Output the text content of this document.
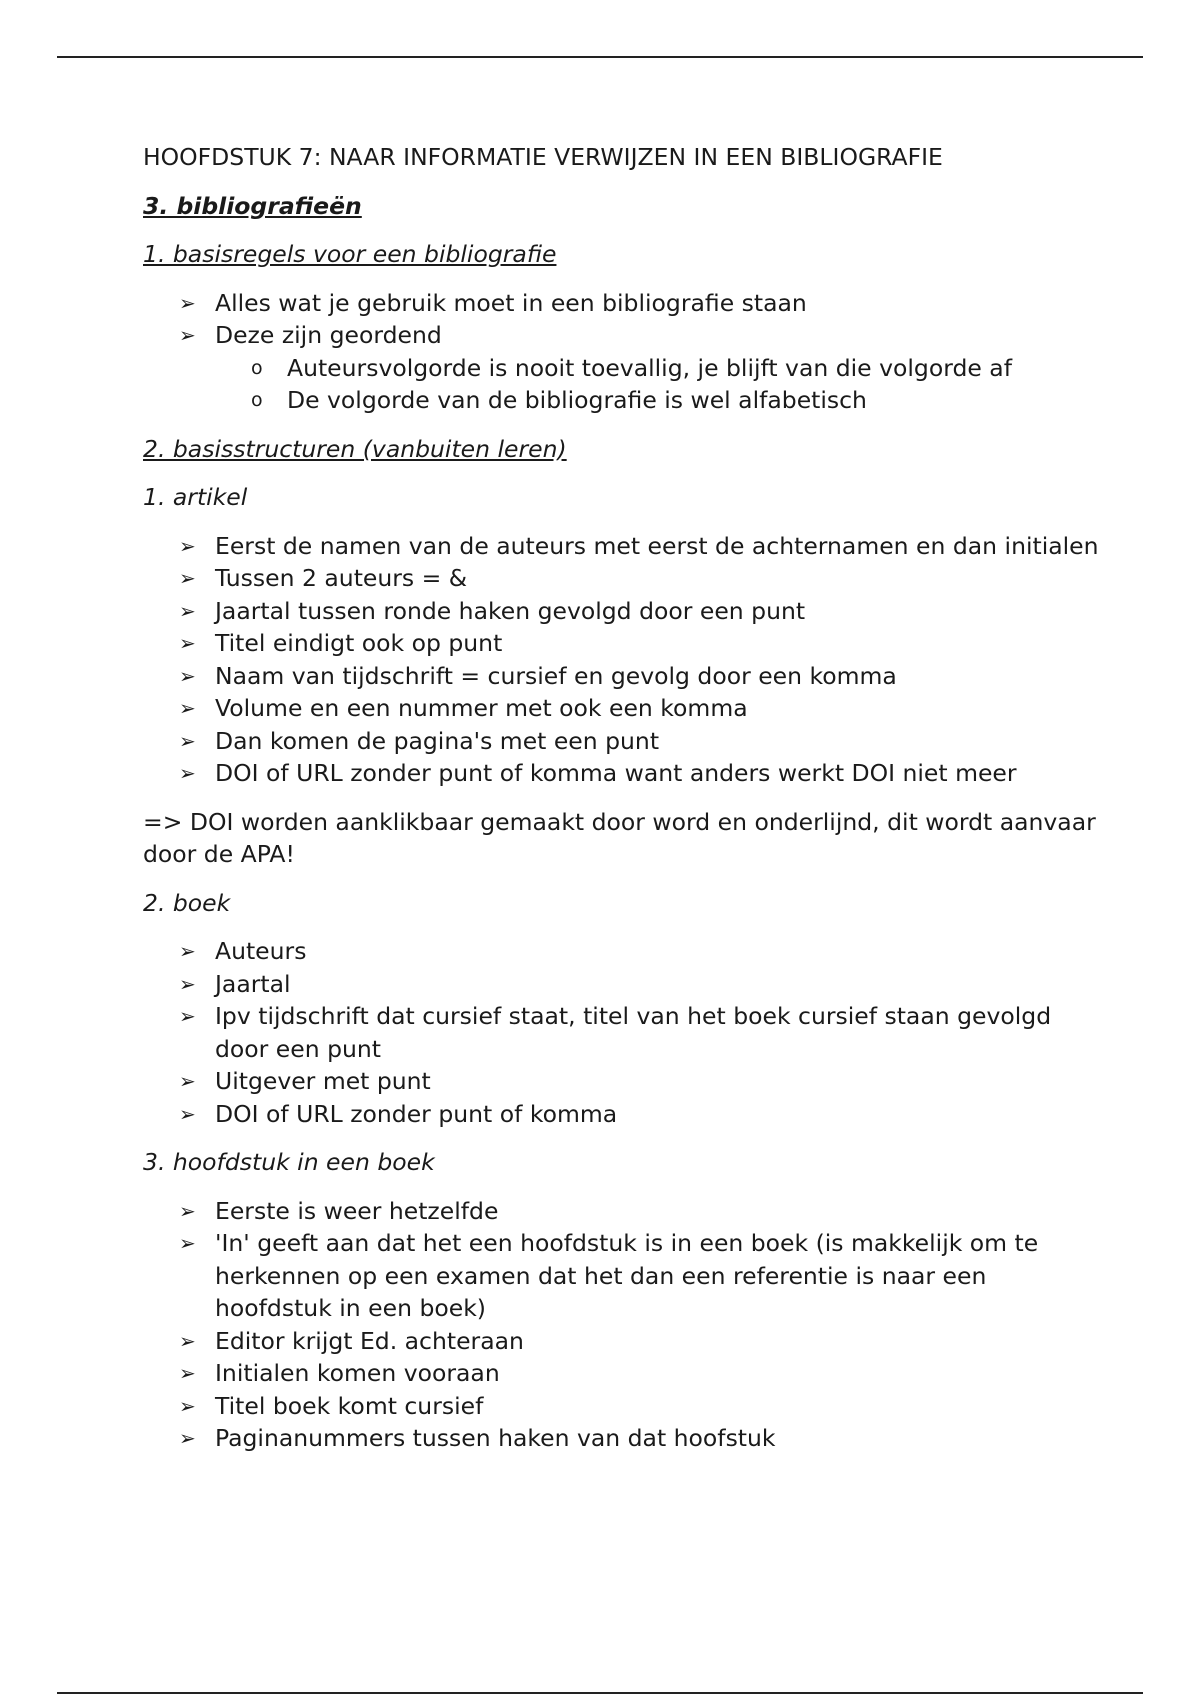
HOOFDSTUK 7: NAAR INFORMATIE VERWIJZEN IN EEN BIBLIOGRAFIE

3. bibliografieën

1. basisregels voor een bibliografie

➢ Alles wat je gebruik moet in een bibliografie staan
➢ Deze zijn geordend
o Auteursvolgorde is nooit toevallig, je blijft van die volgorde af
o De volgorde van de bibliografie is wel alfabetisch

2. basisstructuren (vanbuiten leren)

1. artikel

➢ Eerst de namen van de auteurs met eerst de achternamen en dan initialen
➢ Tussen 2 auteurs = &
➢ Jaartal tussen ronde haken gevolgd door een punt
➢ Titel eindigt ook op punt
➢ Naam van tijdschrift = cursief en gevolg door een komma
➢ Volume en een nummer met ook een komma
➢ Dan komen de pagina's met een punt
➢ DOI of URL zonder punt of komma want anders werkt DOI niet meer

=> DOI worden aanklikbaar gemaakt door word en onderlijnd, dit wordt aanvaar door de APA!

2. boek

➢ Auteurs
➢ Jaartal
➢ Ipv tijdschrift dat cursief staat, titel van het boek cursief staan gevolgd door een punt
➢ Uitgever met punt
➢ DOI of URL zonder punt of komma

3. hoofdstuk in een boek

➢ Eerste is weer hetzelfde
➢ 'In' geeft aan dat het een hoofdstuk is in een boek (is makkelijk om te herkennen op een examen dat het dan een referentie is naar een hoofdstuk in een boek)
➢ Editor krijgt Ed. achteraan
➢ Initialen komen vooraan
➢ Titel boek komt cursief
➢ Paginanummers tussen haken van dat hoofstuk
